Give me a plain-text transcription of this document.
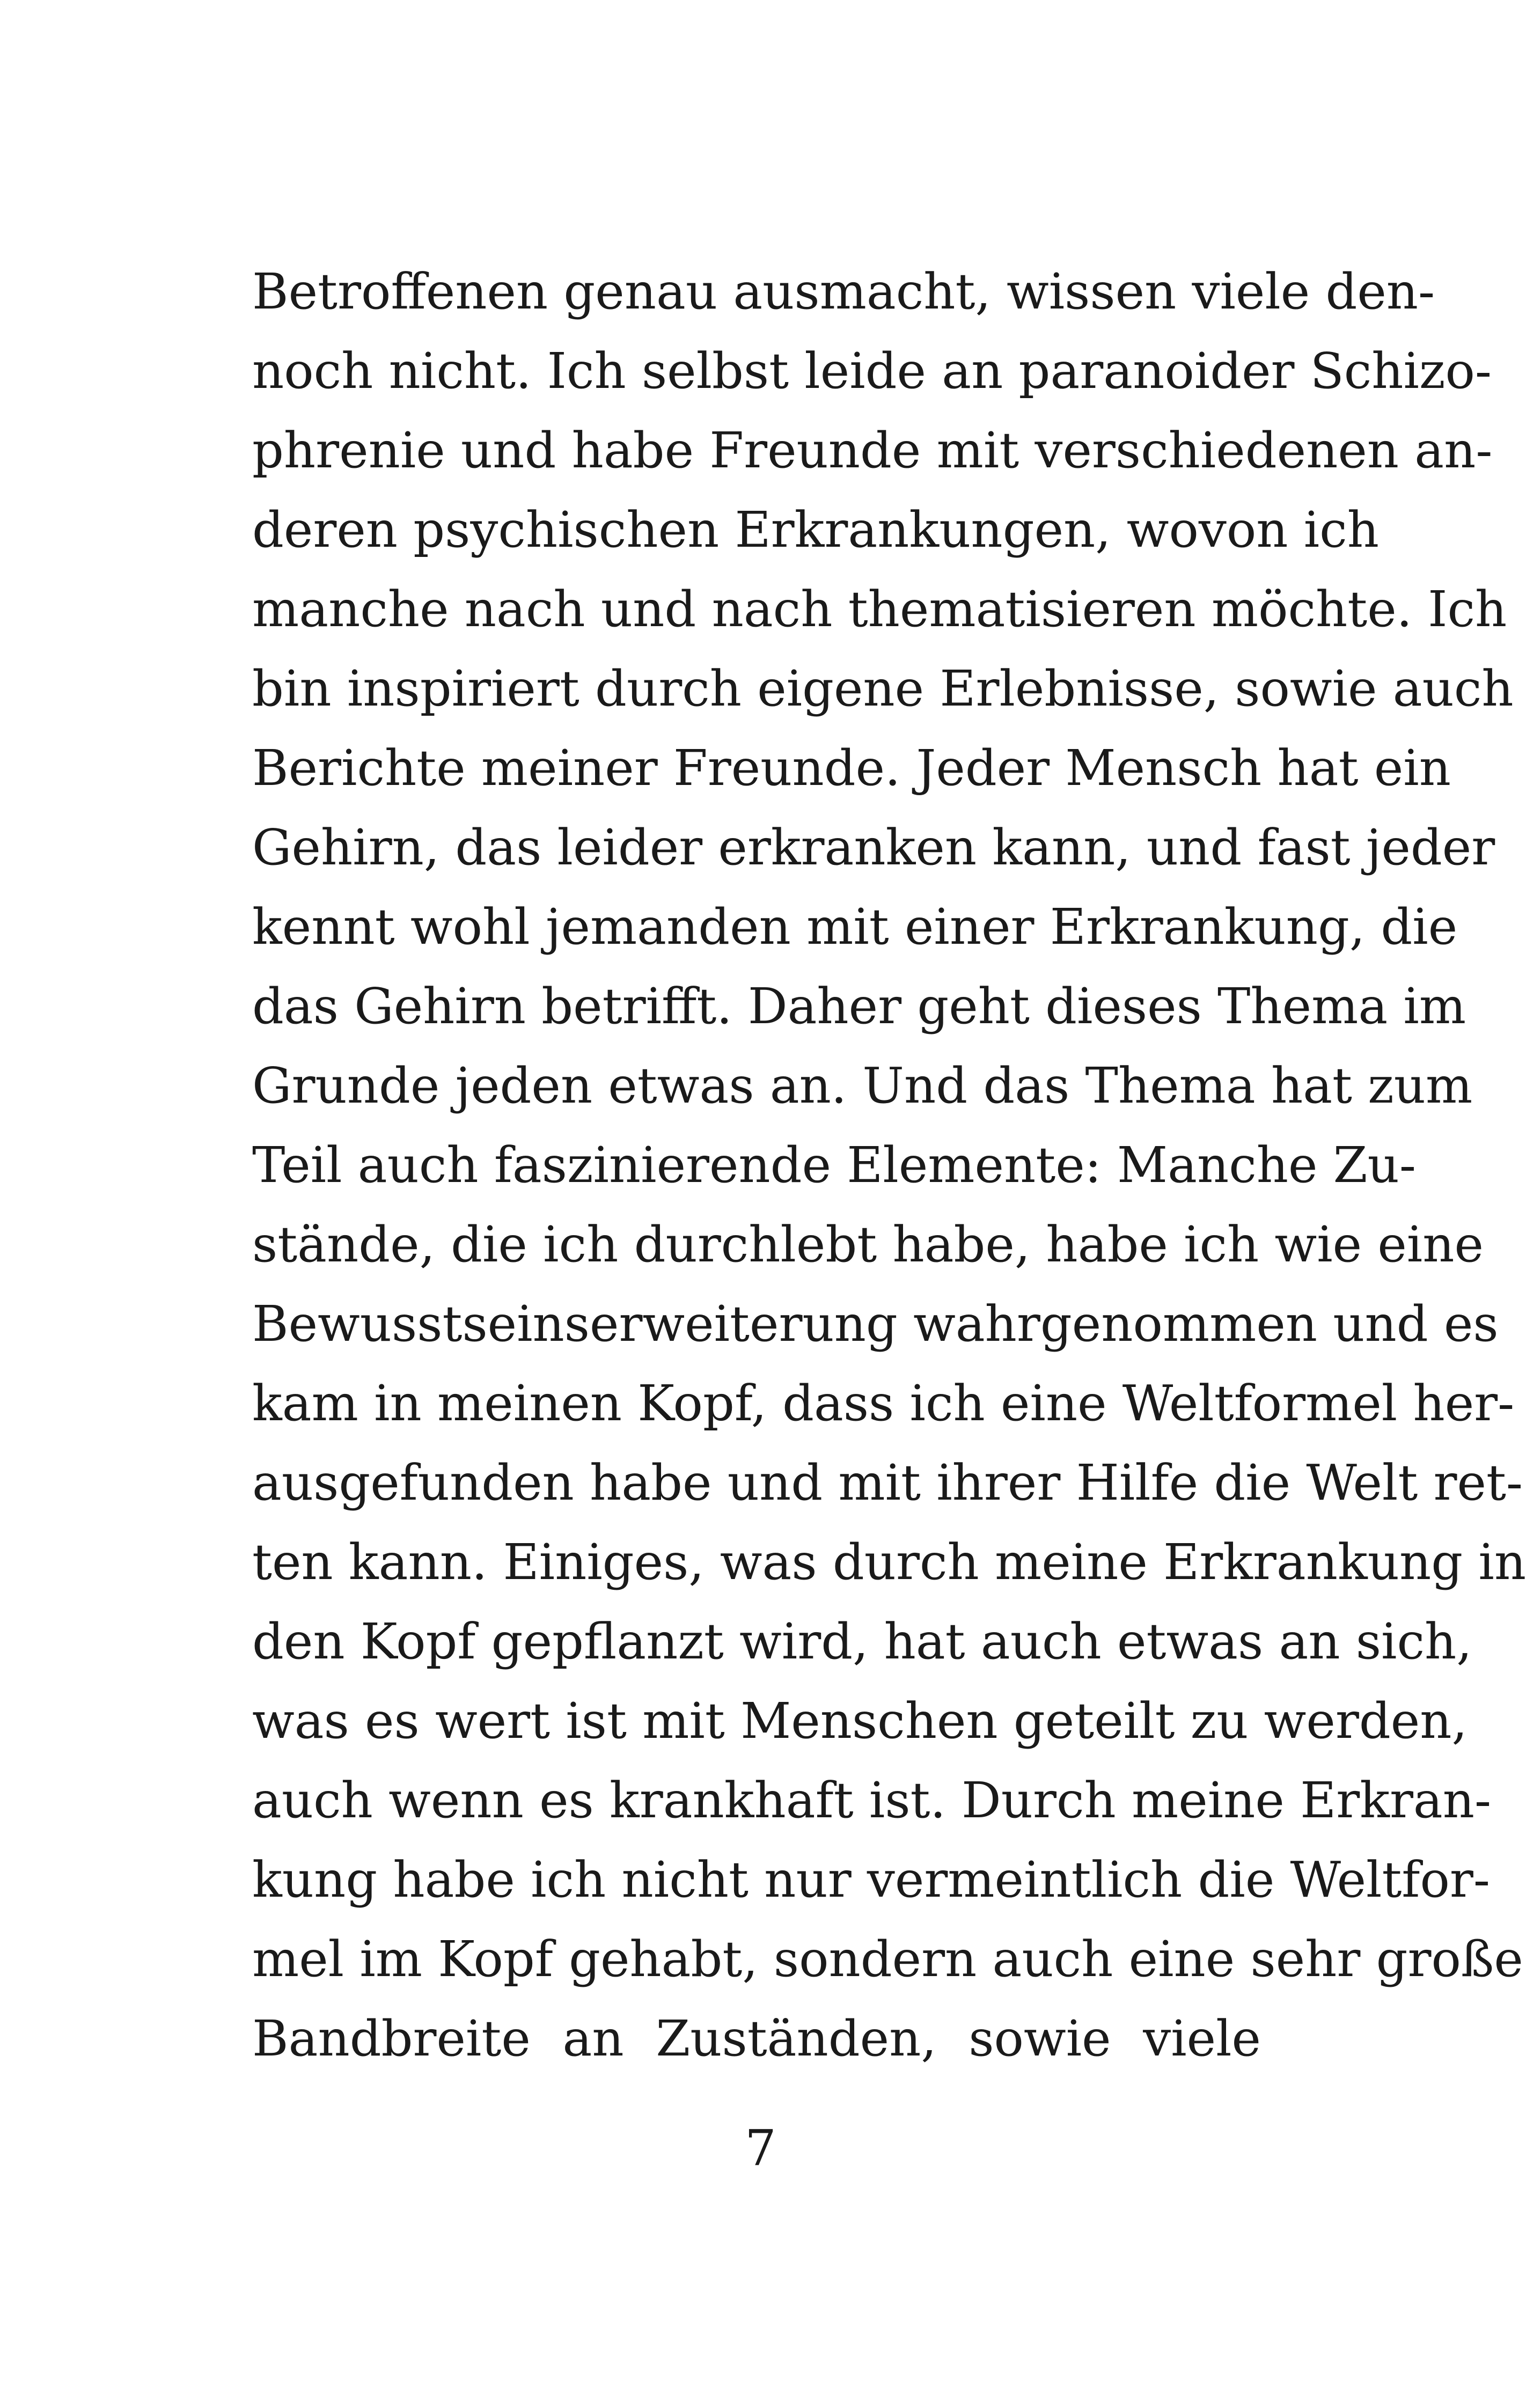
Betroffenen genau ausmacht, wissen viele den-
noch nicht. Ich selbst leide an paranoider Schizo-
phrenie und habe Freunde mit verschiedenen an-
deren psychischen Erkrankungen, wovon ich
manche nach und nach thematisieren möchte. Ich
bin inspiriert durch eigene Erlebnisse, sowie auch
Berichte meiner Freunde. Jeder Mensch hat ein
Gehirn, das leider erkranken kann, und fast jeder
kennt wohl jemanden mit einer Erkrankung, die
das Gehirn betrifft. Daher geht dieses Thema im
Grunde jeden etwas an. Und das Thema hat zum
Teil auch faszinierende Elemente: Manche Zu-
stände, die ich durchlebt habe, habe ich wie eine
Bewusstseinserweiterung wahrgenommen und es
kam in meinen Kopf, dass ich eine Weltformel her-
ausgefunden habe und mit ihrer Hilfe die Welt ret-
ten kann. Einiges, was durch meine Erkrankung in
den Kopf gepflanzt wird, hat auch etwas an sich,
was es wert ist mit Menschen geteilt zu werden,
auch wenn es krankhaft ist. Durch meine Erkran-
kung habe ich nicht nur vermeintlich die Weltfor-
mel im Kopf gehabt, sondern auch eine sehr große
Bandbreite an Zuständen, sowie viele
7
